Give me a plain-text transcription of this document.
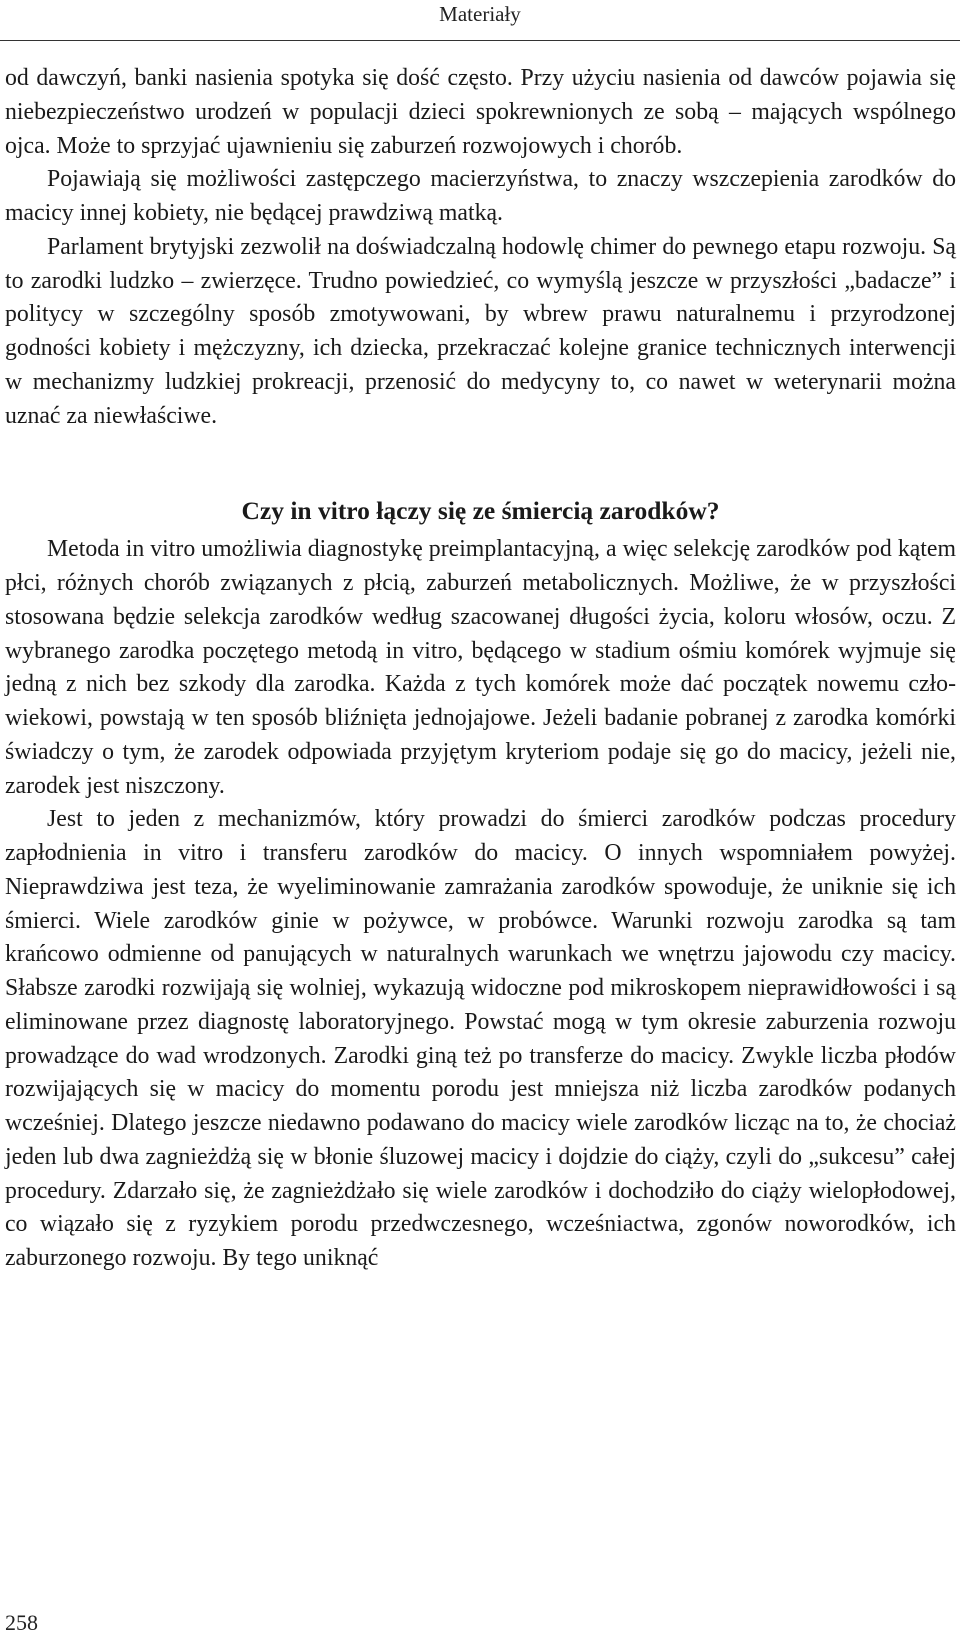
Materiały

od dawczyń, banki nasienia spotyka się dość często. Przy użyciu nasienia od dawców pojawia się niebezpieczeństwo urodzeń w populacji dzieci spokrewnionych ze sobą – mających wspólnego ojca. Może to sprzyjać ujawnieniu się zaburzeń rozwojowych i chorób.

Pojawiają się możliwości zastępczego macierzyństwa, to znaczy wszczepienia zarodków do macicy innej kobiety, nie będącej prawdziwą matką.

Parlament brytyjski zezwolił na doświadczalną hodowlę chimer do pewnego etapu rozwoju. Są to zarodki ludzko – zwierzęce. Trudno powiedzieć, co wymyślą jeszcze w przyszłości „badacze” i politycy w szczególny sposób zmotywowani, by wbrew prawu naturalnemu i przyrodzonej godności kobiety i mężczyzny, ich dziecka, przekraczać kolejne granice technicznych interwencji w mechanizmy ludzkiej prokreacji, przenosić do medycyny to, co nawet w weterynarii można uznać za niewłaściwe.

Czy in vitro łączy się ze śmiercią zarodków?

Metoda in vitro umożliwia diagnostykę preimplantacyjną, a więc selekcję zarodków pod kątem płci, różnych chorób związanych z płcią, zaburzeń metabolicznych. Możliwe, że w przyszłości stosowana będzie selekcja zarodków według szacowanej długości życia, koloru włosów, oczu. Z wybranego zarodka poczętego metodą in vitro, będącego w stadium ośmiu komórek wyjmuje się jedną z nich bez szkody dla zarodka. Każda z tych komórek może dać początek nowemu człowiekowi, powstają w ten sposób bliźnięta jednojajowe. Jeżeli badanie pobranej z zarodka komórki świadczy o tym, że zarodek odpowiada przyjętym kryteriom podaje się go do macicy, jeżeli nie, zarodek jest niszczony.

Jest to jeden z mechanizmów, który prowadzi do śmierci zarodków podczas procedury zapłodnienia in vitro i transferu zarodków do macicy. O innych wspomniałem powyżej. Nieprawdziwa jest teza, że wyeliminowanie zamrażania zarodków spowoduje, że uniknie się ich śmierci. Wiele zarodków ginie w pożywce, w probówce. Warunki rozwoju zarodka są tam krańcowo odmienne od panujących w naturalnych warunkach we wnętrzu jajowodu czy macicy. Słabsze zarodki rozwijają się wolniej, wykazują widoczne pod mikroskopem nieprawidłowości i są eliminowane przez diagnostę laboratoryjnego. Powstać mogą w tym okresie zaburzenia rozwoju prowadzące do wad wrodzonych. Zarodki giną też po transferze do macicy. Zwykle liczba płodów rozwijających się w macicy do momentu porodu jest mniejsza niż liczba zarodków podanych wcześniej. Dlatego jeszcze niedawno podawano do macicy wiele zarodków licząc na to, że chociaż jeden lub dwa zagnieżdżą się w błonie śluzowej macicy i dojdzie do ciąży, czyli do „sukcesu” całej procedury. Zdarzało się, że zagnieżdżało się wiele zarodków i dochodziło do ciąży wielopłodowej, co wiązało się z ryzykiem porodu przedwczesnego, wcześniactwa, zgonów noworodków, ich zaburzonego rozwoju. By tego uniknąć

258
